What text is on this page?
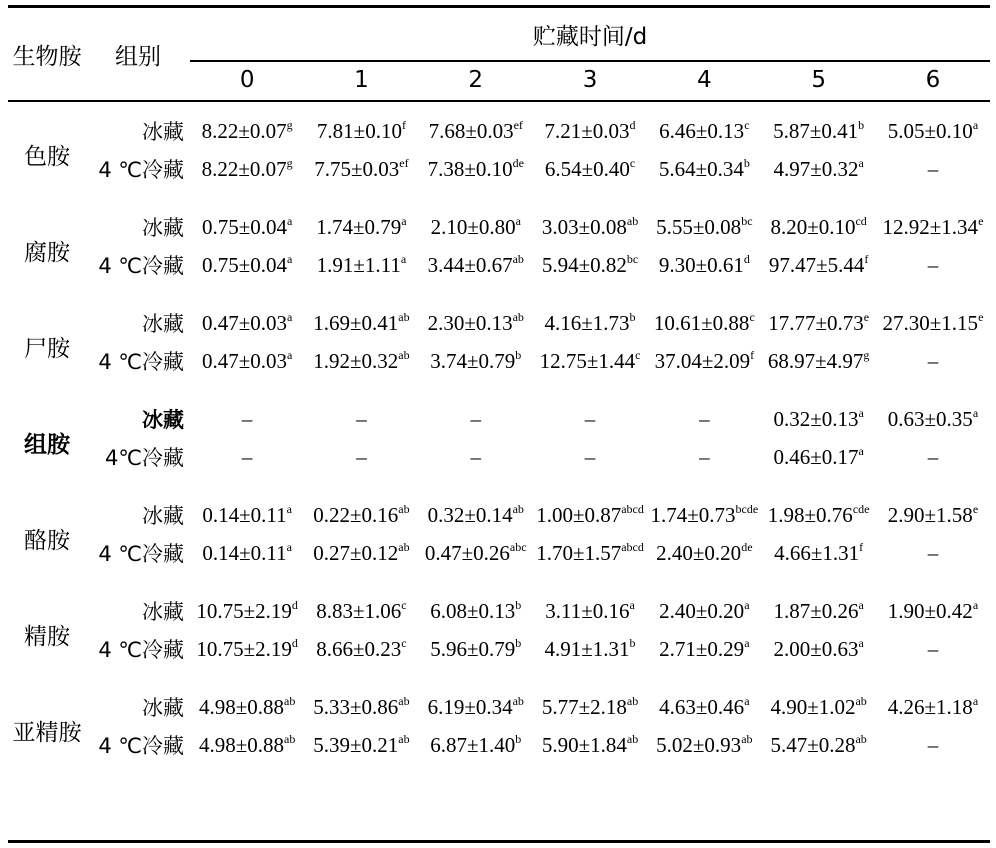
生物胺	组别	贮藏时间/d						
		0	1	2	3	4	5	6
色胺	冰藏	8.22±0.07$^g$	7.81±0.10$^f$	7.68±0.03$^{ef}$	7.21±0.03$^d$	6.46±0.13$^c$	5.87±0.41$^b$	5.05±0.10$^a$
	4 ℃冷藏	8.22±0.07$^g$	7.75±0.03$^{ef}$	7.38±0.10de	6.54±0.40$^c$	5.64±0.34$^b$	4.97±0.32$^a$	–
腐胺	冰藏	0.75±0.04$^a$	1.74±0.79$^a$	2.10±0.80$^a$	3.03±0.08$^{ab}$	5.55±0.08$^{bc}$	8.20±0.10$^{cd}$	12.92±1.34$^e$
	4 ℃冷藏	0.75±0.04$^a$	1.91±1.11$^a$	3.44±0.67$^{ab}$	5.94±0.82$^{bc}$	9.30±0.61$^d$	97.47±5.44$^f$	–
尸胺	冰藏	0.47±0.03$^a$	1.69±0.41$^{ab}$	2.30±0.13$^{ab}$	4.16±1.73$^b$	10.61±0.88$^c$	17.77±0.73$^e$	27.30±1.15$^e$
	4 ℃冷藏	0.47±0.03$^a$	1.92±0.32$^{ab}$	3.74±0.79$^b$	12.75±1.44$^c$	37.04±2.09$^f$	68.97±4.97$^g$	–
组胺	冰藏	–	–	–	–	–	0.32±0.13$^a$	0.63±0.35$^a$
	4℃冷藏	–	–	–	–	–	0.46±0.17$^a$	–
酪胺	冰藏	0.14±0.11$^a$	0.22±0.16$^{ab}$	0.32±0.14$^{ab}$	$1.00\pm 0.87^{abcd}$	$1.74\pm 0.73^{bcde}$	1.98±0.76$^{cde}$	2.90±1.58$^e$
	4 ℃冷藏	0.14±0.11$^a$	0.27±0.12$^{ab}$	0.47±0.26$^{abc}$	$1.70\pm 1.57^{abcd}$	2.40±0.20de	4.66±1.31$^f$	–
精胺	冰藏	10.75±2.19$^d$	8.83±1.06$^c$	6.08±0.13$^b$	3.11±0.16$^a$	2.40±0.20$^a$	1.87±0.26$^a$	1.90±0.42$^a$
	4 ℃冷藏	10.75±2.19$^d$	8.66±0.23$^c$	5.96±0.79$^b$	4.91±1.31$^b$	2.71±0.29$^a$	2.00±0.63$^a$	–
亚精胺	冰藏	4.98±0.88$^{ab}$	5.33±0.86$^{ab}$	6.19±0.34$^{ab}$	5.77±2.18$^{ab}$	4.63±0.46$^a$	4.90±1.02$^{ab}$	4.26±1.18$^a$
	4 ℃冷藏	4.98±0.88$^{ab}$	5.39±0.21$^{ab}$	6.87±1.40$^b$	5.90±1.84$^{ab}$	5.02±0.93$^{ab}$	5.47±0.28$^{ab}$	–
